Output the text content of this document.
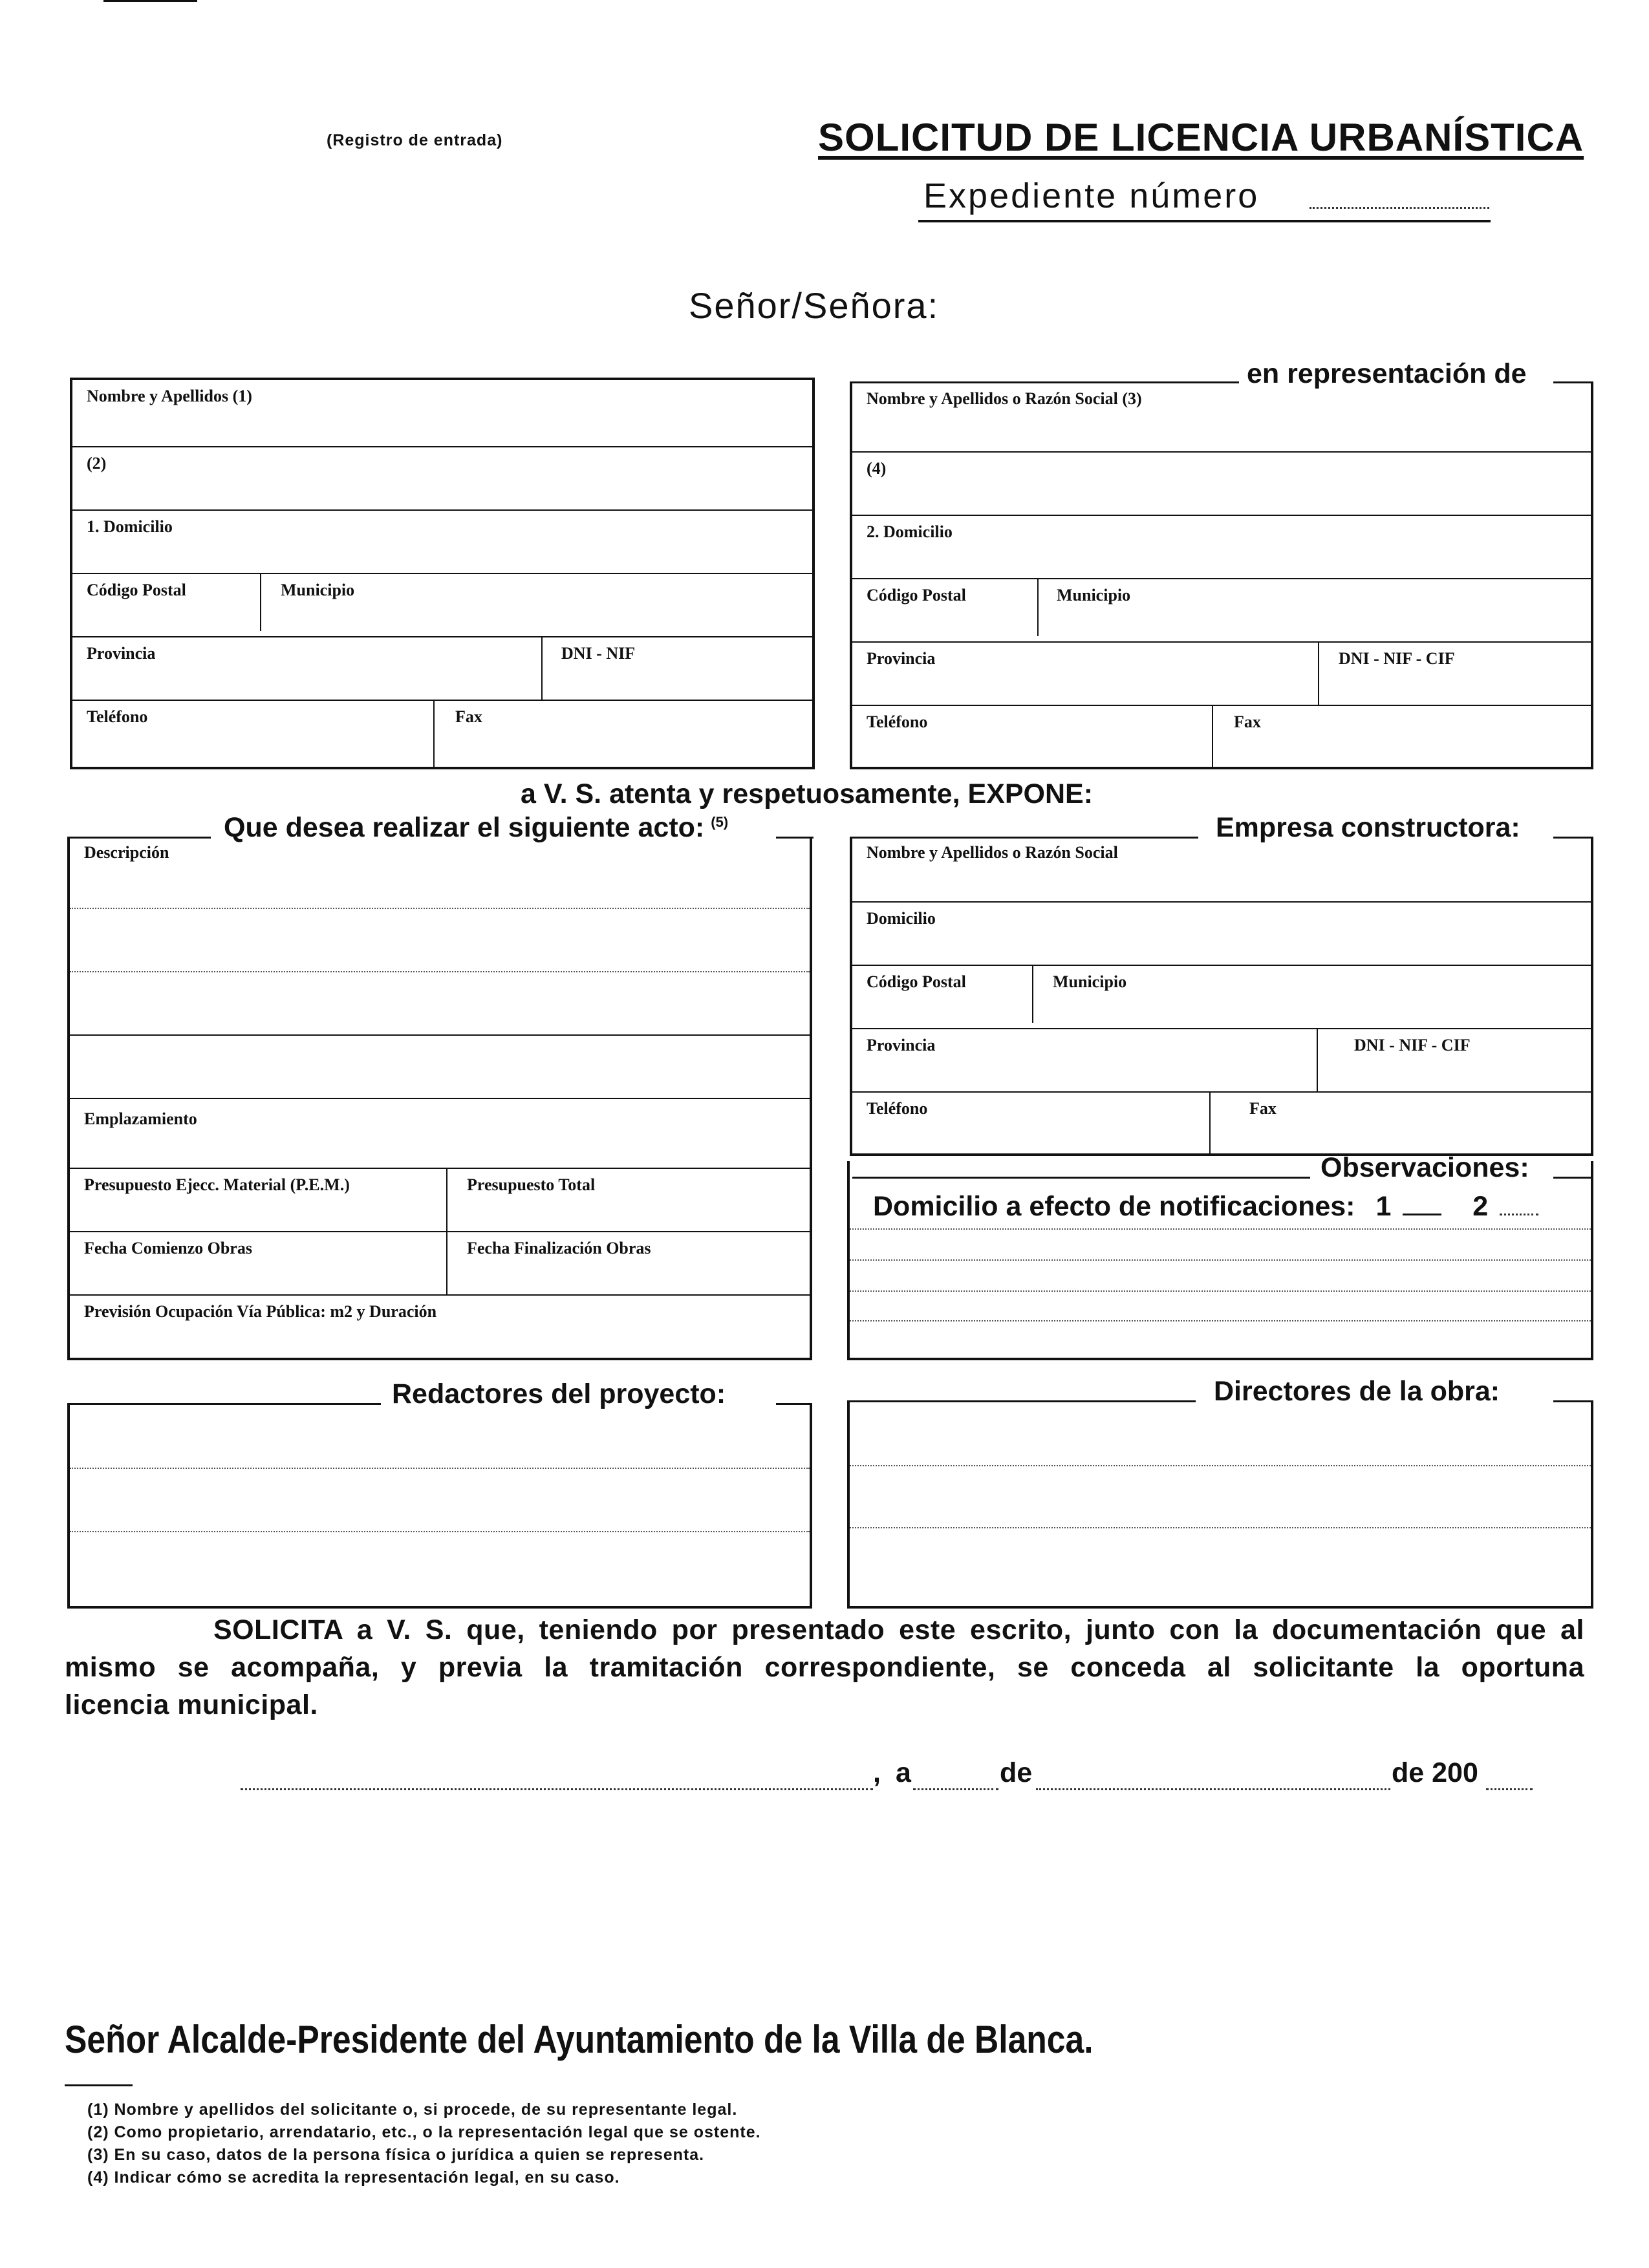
(Registro de entrada)	SOLICITUD DE LICENCIA URBANÍSTICA
Expediente número
Señor/Señora:
Nombre y Apellidos (1)
(2)
1. Domicilio
Código Postal	Municipio
Provincia	DNI - NIF
Teléfono	Fax
en representación de
Nombre y Apellidos o Razón Social (3)
(4)
2. Domicilio
Código Postal	Municipio
Provincia	DNI - NIF - CIF
Teléfono	Fax
a V. S. atenta y respetuosamente, EXPONE:
Que desea realizar el siguiente acto: $^{(5)}$
Descripción
Emplazamiento
Presupuesto Ejecc. Material (P.E.M.)	Presupuesto Total
Fecha Comienzo Obras	Fecha Finalización Obras
Previsión Ocupación Vía Pública: m2 y Duración
Empresa constructora:
Nombre y Apellidos o Razón Social
Domicilio
Código Postal	Municipio
Provincia	DNI - NIF - CIF
Teléfono	Fax
Observaciones:
Domicilio a efecto de notificaciones: 1	2
Redactores del proyecto:	Directores de la obra:
SOLICITA a V. S. que, teniendo por presentado este escrito, junto con la documentación que al
mismo se acompaña, y previa la tramitación correspondiente, se conceda al solicitante la oportuna
licencia municipal.
, a	de	de 200
Señor Alcalde-Presidente del Ayuntamiento de la Villa de Blanca.
(1) Nombre y apellidos del solicitante o, si procede, de su representante legal.
(2) Como propietario, arrendatario, etc., o la representación legal que se ostente.
(3) En su caso, datos de la persona física o jurídica a quien se representa.
(4) Indicar cómo se acredita la representación legal, en su caso.
